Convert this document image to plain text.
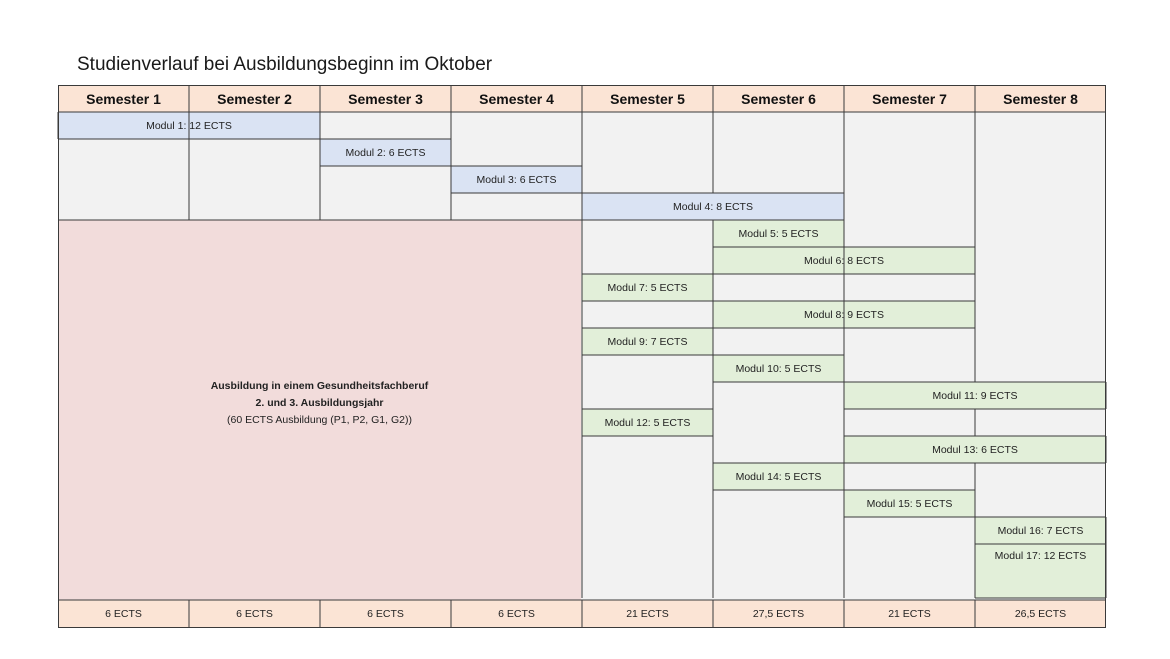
Studienverlauf bei Ausbildungsbeginn im Oktober
Semester 1	Semester 2	Semester 3	Semester 4	Semester 5	Semester 6	Semester 7	Semester 8
Modul 1: 12 ECTS
Modul 2: 6 ECTS
Modul 3: 6 ECTS
Modul 4: 8 ECTS
Modul 5: 5 ECTS
Modul 6: 8 ECTS
Modul 7: 5 ECTS
Modul 8: 9 ECTS
Modul 9: 7 ECTS
Modul 10: 5 ECTS
Modul 11: 9 ECTS
Modul 12: 5 ECTS
Modul 13: 6 ECTS
Modul 14: 5 ECTS
Modul 15: 5 ECTS
Modul 16: 7 ECTS
Modul 17: 12 ECTS
Ausbildung in einem Gesundheitsfachberuf
2. und 3. Ausbildungsjahr
(60 ECTS Ausbildung (P1, P2, G1, G2))
6 ECTS	6 ECTS	6 ECTS	6 ECTS	21 ECTS	27,5 ECTS	21 ECTS	26,5 ECTS
